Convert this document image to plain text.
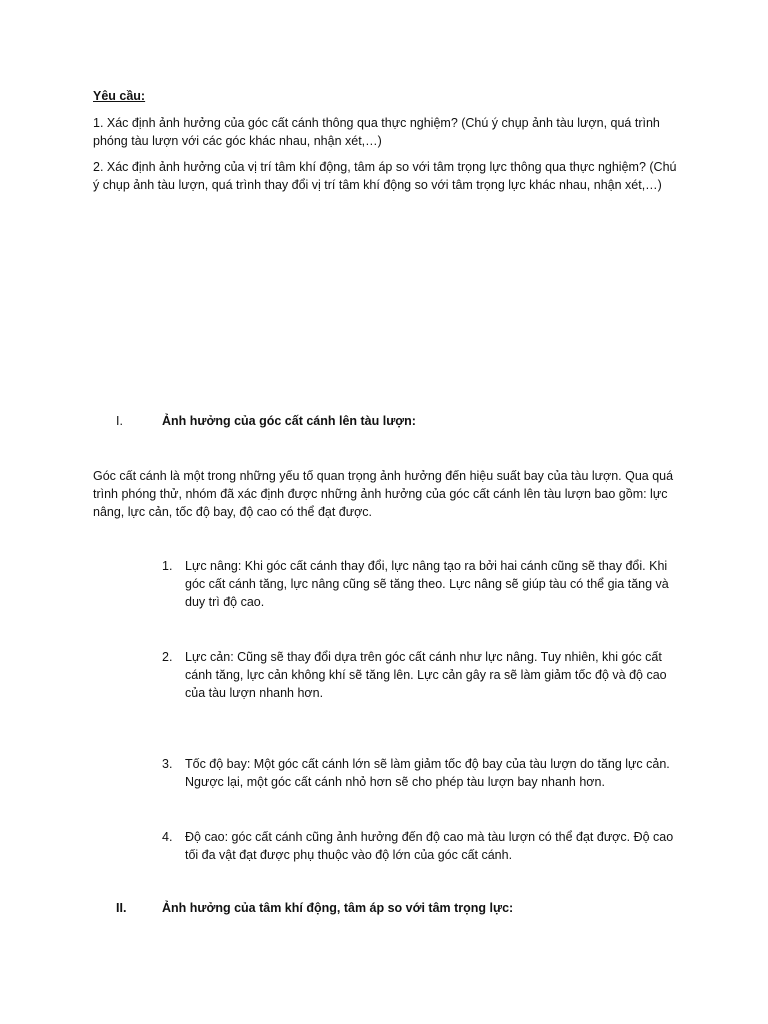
Yêu cầu:
1. Xác định ảnh hưởng của góc cất cánh thông qua thực nghiệm? (Chú ý chụp ảnh tàu lượn, quá trình phóng tàu lượn với các góc khác nhau, nhận xét,…)
2. Xác định ảnh hưởng của vị trí tâm khí động, tâm áp so với tâm trọng lực thông qua thực nghiệm? (Chú ý chụp ảnh tàu lượn, quá trình thay đổi vị trí tâm khí động so với tâm trọng lực khác nhau, nhận xét,…)
I.	Ảnh hưởng của góc cất cánh lên tàu lượn:
Góc cất cánh là một trong những yếu tố quan trọng ảnh hưởng đến hiệu suất bay của tàu lượn. Qua quá trình phóng thử, nhóm đã xác định được những ảnh hưởng của góc cất cánh lên tàu lượn bao gồm: lực nâng, lực cản, tốc độ bay, độ cao có thể đạt được.
1. Lực nâng: Khi góc cất cánh thay đổi, lực nâng tạo ra bởi hai cánh cũng sẽ thay đổi. Khi góc cất cánh tăng, lực nâng cũng sẽ tăng theo. Lực nâng sẽ giúp tàu có thể gia tăng và duy trì độ cao.
2. Lực cản: Cũng sẽ thay đổi dựa trên góc cất cánh như lực nâng. Tuy nhiên, khi góc cất cánh tăng, lực cản không khí sẽ tăng lên. Lực cản gây ra sẽ làm giảm tốc độ và độ cao của tàu lượn nhanh hơn.
3. Tốc độ bay: Một góc cất cánh lớn sẽ làm giảm tốc độ bay của tàu lượn do tăng lực cản. Ngược lại, một góc cất cánh nhỏ hơn sẽ cho phép tàu lượn bay nhanh hơn.
4. Độ cao: góc cất cánh cũng ảnh hưởng đến độ cao mà tàu lượn có thể đạt được. Độ cao tối đa vật đạt được phụ thuộc vào độ lớn của góc cất cánh.
II.	Ảnh hưởng của tâm khí động, tâm áp so với tâm trọng lực:
